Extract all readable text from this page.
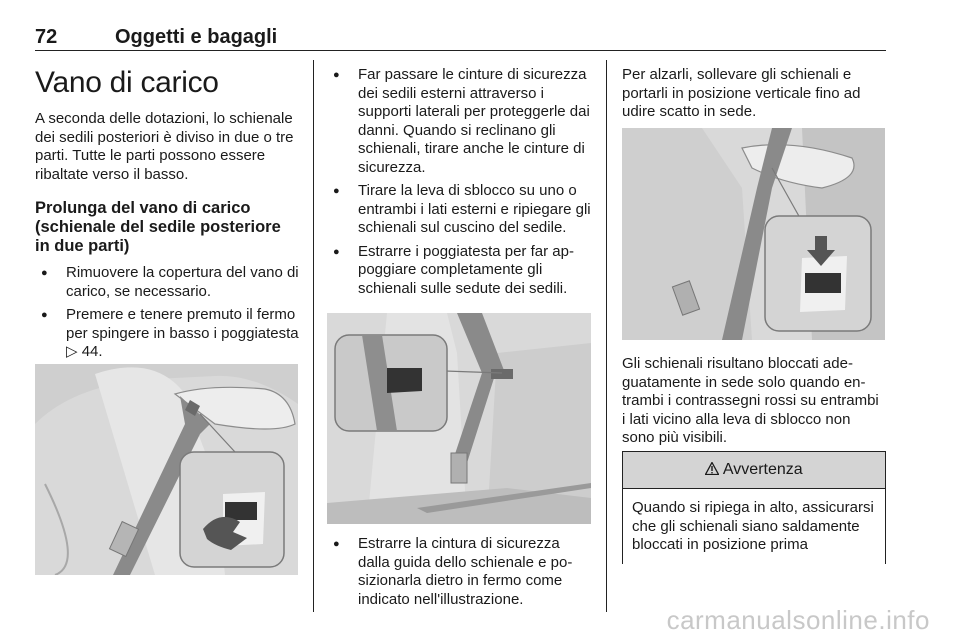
72	Oggetti e bagagli
Vano di carico

A seconda delle dotazioni, lo schienale dei sedili posteriori è diviso in due o tre parti. Tutte le parti possono essere ribaltate verso il basso.

Prolunga del vano di carico (schienale del sedile posteriore in due parti)
● Rimuovere la copertura del vano di carico, se necessario.
● Premere e tenere premuto il fermo per spingere in basso i poggiatesta ▷ 44.
● Far passare le cinture di sicurezza dei sedili esterni attraverso i supporti laterali per proteggerle dai danni. Quando si reclinano gli schienali, tirare anche le cinture di sicurezza.
● Tirare la leva di sblocco su uno o entrambi i lati esterni e ripiegare gli schienali sul cuscino del sedile.
● Estrarre i poggiatesta per far appoggiare completamente gli schienali sulle sedute dei sedili.
● Estrarre la cintura di sicurezza dalla guida dello schienale e posizionarla dietro in fermo come indicato nell'illustrazione.

Per alzarli, sollevare gli schienali e portarli in posizione verticale fino ad udire scatto in sede.

Gli schienali risultano bloccati adeguatamente in sede solo quando entrambi i contrassegni rossi su entrambi i lati vicino alla leva di sblocco non sono più visibili.

Avvertenza
Quando si ripiega in alto, assicurarsi che gli schienali siano saldamente bloccati in posizione prima
carmanualsonline.info
